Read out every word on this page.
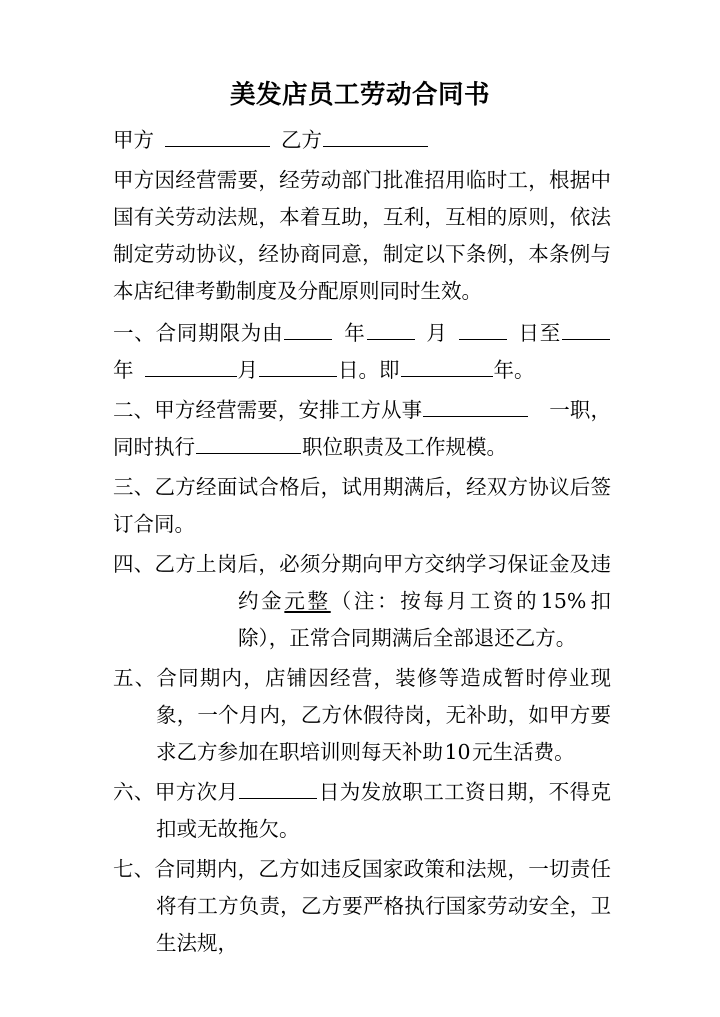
美发店员工劳动合同书

甲方	乙方

甲方因经营需要，经劳动部门批准招用临时工，根据中国有关劳动法规，本着互助，互利，互相的原则，依法制定劳动协议，经协商同意，制定以下条例，本条例与本店纪律考勤制度及分配原则同时生效。

一、合同期限为由	年	月	日至年	月	日。即	年。

二、甲方经营需要，安排工方从事	一职，同时执行	职位职责及工作规模。

三、乙方经面试合格后，试用期满后，经双方协议后签订合同。

四、乙方上岗后，必须分期向甲方交纳学习保证金及违约金元整（注：按每月工资的15%扣除），正常合同期满后全部退还乙方。

五、合同期内，店铺因经营，装修等造成暂时停业现象，一个月内，乙方休假待岗，无补助，如甲方要求乙方参加在职培训则每天补助10元生活费。

六、甲方次月	日为发放职工工资日期，不得克扣或无故拖欠。

七、合同期内，乙方如违反国家政策和法规，一切责任将有工方负责，乙方要严格执行国家劳动安全，卫生法规，
